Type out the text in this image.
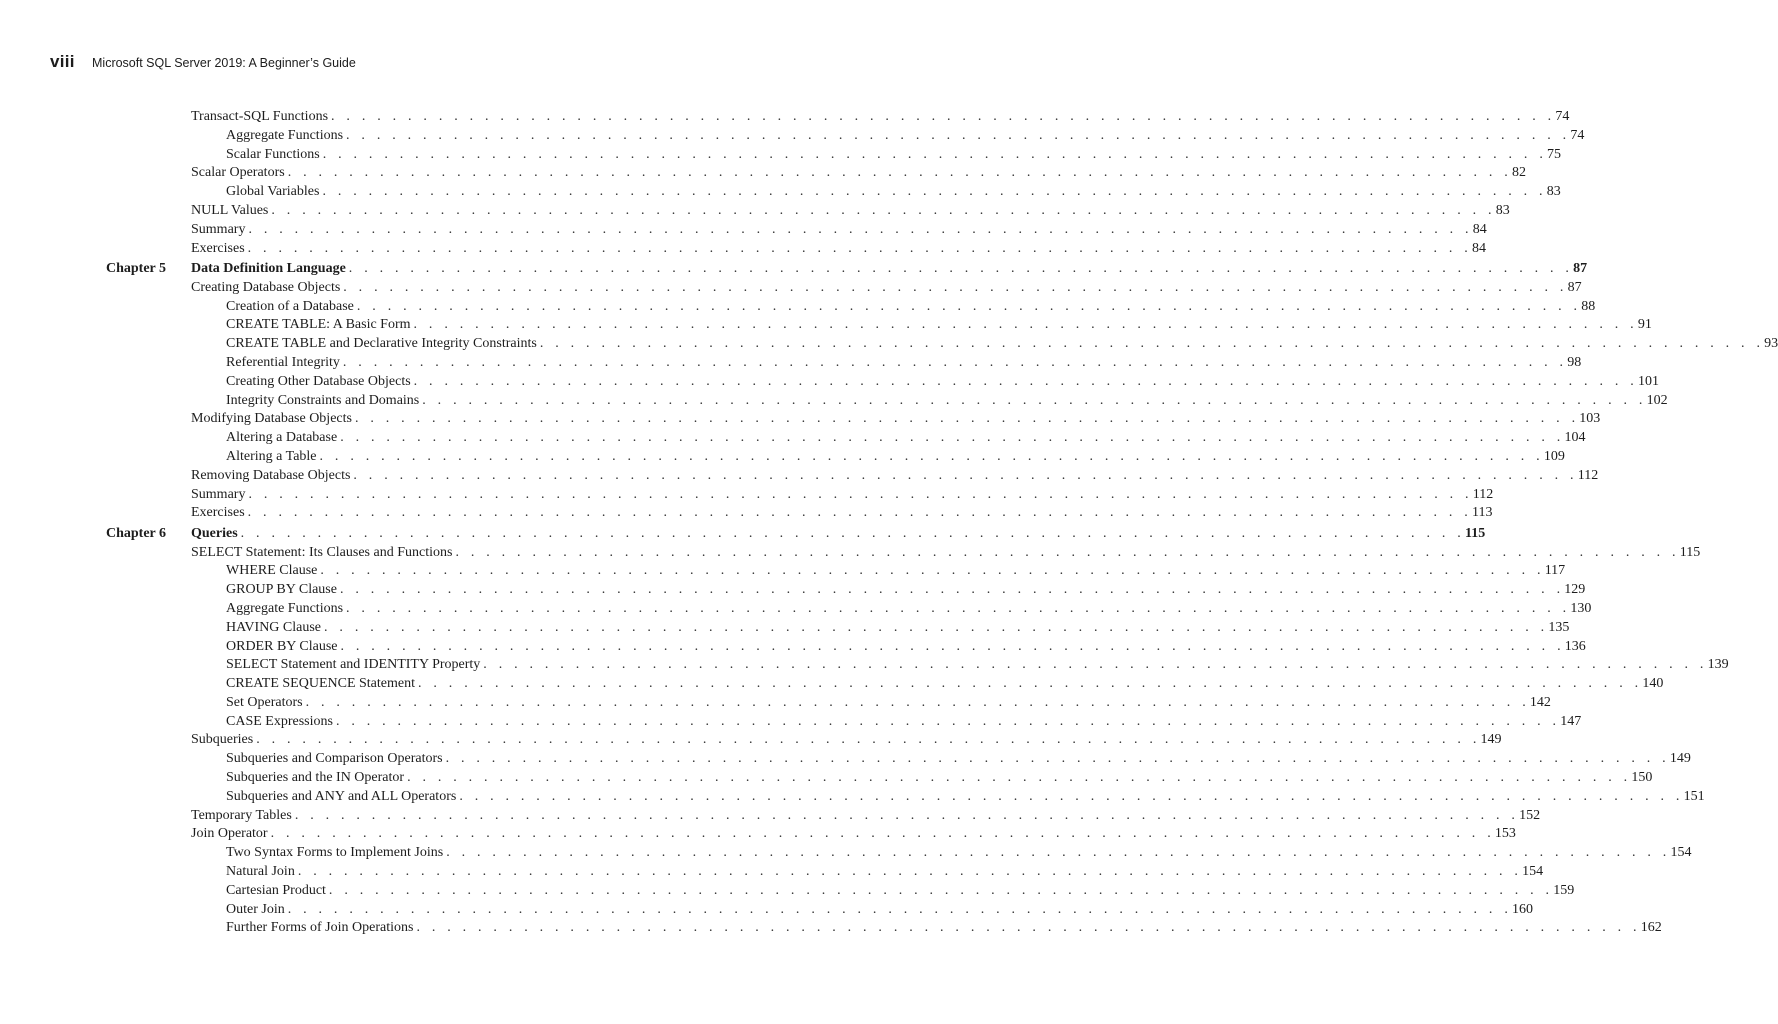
viii	Microsoft SQL Server 2019: A Beginner’s Guide
Transact-SQL Functions . . . . . . . . . . . . . . . . . . . . . . . . . . . . . . . . . . . . . . . . . . . . . . . . . . . . . . . . . . . . . . . . . . . . . . . . . . . . . . . . 74
Aggregate Functions . . . . . . . . . . . . . . . . . . . . . . . . . . . . . . . . . . . . . . . . . . . . . . . . . . . . . . . . . . . . . . . . . . . . . . . . . . . . . . . . 74
Scalar Functions . . . . . . . . . . . . . . . . . . . . . . . . . . . . . . . . . . . . . . . . . . . . . . . . . . . . . . . . . . . . . . . . . . . . . . . . . . . . . . . . 75
Scalar Operators . . . . . . . . . . . . . . . . . . . . . . . . . . . . . . . . . . . . . . . . . . . . . . . . . . . . . . . . . . . . . . . . . . . . . . . . . . . . . . . . 82
Global Variables . . . . . . . . . . . . . . . . . . . . . . . . . . . . . . . . . . . . . . . . . . . . . . . . . . . . . . . . . . . . . . . . . . . . . . . . . . . . . . . . 83
NULL Values . . . . . . . . . . . . . . . . . . . . . . . . . . . . . . . . . . . . . . . . . . . . . . . . . . . . . . . . . . . . . . . . . . . . . . . . . . . . . . . . 83
Summary . . . . . . . . . . . . . . . . . . . . . . . . . . . . . . . . . . . . . . . . . . . . . . . . . . . . . . . . . . . . . . . . . . . . . . . . . . . . . . . . 84
Exercises . . . . . . . . . . . . . . . . . . . . . . . . . . . . . . . . . . . . . . . . . . . . . . . . . . . . . . . . . . . . . . . . . . . . . . . . . . . . . . . . 84
Chapter 5 Data Definition Language . . . . . . . . . . . . . . . . . . . . . . . . . . . . . . . . . . . . . . . . . . . . . . . . . . . . . . . . . . . . . . . . . . . . . . . . . . . . . . . . 87
Creating Database Objects . . . . . . . . . . . . . . . . . . . . . . . . . . . . . . . . . . . . . . . . . . . . . . . . . . . . . . . . . . . . . . . . . . . . . . . . . . . . . . . . 87
Creation of a Database . . . . . . . . . . . . . . . . . . . . . . . . . . . . . . . . . . . . . . . . . . . . . . . . . . . . . . . . . . . . . . . . . . . . . . . . . . . . . . . . 88
CREATE TABLE: A Basic Form . . . . . . . . . . . . . . . . . . . . . . . . . . . . . . . . . . . . . . . . . . . . . . . . . . . . . . . . . . . . . . . . . . . . . . . . . . . . . . . . 91
CREATE TABLE and Declarative Integrity Constraints . . . . . . . . . . . . . . . . . . . . . . . . . . . . . . . . . . . . . . . . . . . . . . . . . . . . . . . . . . . . . . . . . . . . . . . . . . . . . . . . 93
Referential Integrity . . . . . . . . . . . . . . . . . . . . . . . . . . . . . . . . . . . . . . . . . . . . . . . . . . . . . . . . . . . . . . . . . . . . . . . . . . . . . . . . 98
Creating Other Database Objects . . . . . . . . . . . . . . . . . . . . . . . . . . . . . . . . . . . . . . . . . . . . . . . . . . . . . . . . . . . . . . . . . . . . . . . . . . . . . . . . 101
Integrity Constraints and Domains . . . . . . . . . . . . . . . . . . . . . . . . . . . . . . . . . . . . . . . . . . . . . . . . . . . . . . . . . . . . . . . . . . . . . . . . . . . . . . . . 102
Modifying Database Objects . . . . . . . . . . . . . . . . . . . . . . . . . . . . . . . . . . . . . . . . . . . . . . . . . . . . . . . . . . . . . . . . . . . . . . . . . . . . . . . . 103
Altering a Database . . . . . . . . . . . . . . . . . . . . . . . . . . . . . . . . . . . . . . . . . . . . . . . . . . . . . . . . . . . . . . . . . . . . . . . . . . . . . . . . 104
Altering a Table . . . . . . . . . . . . . . . . . . . . . . . . . . . . . . . . . . . . . . . . . . . . . . . . . . . . . . . . . . . . . . . . . . . . . . . . . . . . . . . . 109
Removing Database Objects . . . . . . . . . . . . . . . . . . . . . . . . . . . . . . . . . . . . . . . . . . . . . . . . . . . . . . . . . . . . . . . . . . . . . . . . . . . . . . . . 112
Summary . . . . . . . . . . . . . . . . . . . . . . . . . . . . . . . . . . . . . . . . . . . . . . . . . . . . . . . . . . . . . . . . . . . . . . . . . . . . . . . . 112
Exercises . . . . . . . . . . . . . . . . . . . . . . . . . . . . . . . . . . . . . . . . . . . . . . . . . . . . . . . . . . . . . . . . . . . . . . . . . . . . . . . . 113
Chapter 6 Queries . . . . . . . . . . . . . . . . . . . . . . . . . . . . . . . . . . . . . . . . . . . . . . . . . . . . . . . . . . . . . . . . . . . . . . . . . . . . . . . . 115
SELECT Statement: Its Clauses and Functions . . . . . . . . . . . . . . . . . . . . . . . . . . . . . . . . . . . . . . . . . . . . . . . . . . . . . . . . . . . . . . . . . . . . . . . . . . . . . . . . 115
WHERE Clause . . . . . . . . . . . . . . . . . . . . . . . . . . . . . . . . . . . . . . . . . . . . . . . . . . . . . . . . . . . . . . . . . . . . . . . . . . . . . . . . 117
GROUP BY Clause . . . . . . . . . . . . . . . . . . . . . . . . . . . . . . . . . . . . . . . . . . . . . . . . . . . . . . . . . . . . . . . . . . . . . . . . . . . . . . . . 129
Aggregate Functions . . . . . . . . . . . . . . . . . . . . . . . . . . . . . . . . . . . . . . . . . . . . . . . . . . . . . . . . . . . . . . . . . . . . . . . . . . . . . . . . 130
HAVING Clause . . . . . . . . . . . . . . . . . . . . . . . . . . . . . . . . . . . . . . . . . . . . . . . . . . . . . . . . . . . . . . . . . . . . . . . . . . . . . . . . 135
ORDER BY Clause . . . . . . . . . . . . . . . . . . . . . . . . . . . . . . . . . . . . . . . . . . . . . . . . . . . . . . . . . . . . . . . . . . . . . . . . . . . . . . . . 136
SELECT Statement and IDENTITY Property . . . . . . . . . . . . . . . . . . . . . . . . . . . . . . . . . . . . . . . . . . . . . . . . . . . . . . . . . . . . . . . . . . . . . . . . . . . . . . . . 139
CREATE SEQUENCE Statement . . . . . . . . . . . . . . . . . . . . . . . . . . . . . . . . . . . . . . . . . . . . . . . . . . . . . . . . . . . . . . . . . . . . . . . . . . . . . . . . 140
Set Operators . . . . . . . . . . . . . . . . . . . . . . . . . . . . . . . . . . . . . . . . . . . . . . . . . . . . . . . . . . . . . . . . . . . . . . . . . . . . . . . . 142
CASE Expressions . . . . . . . . . . . . . . . . . . . . . . . . . . . . . . . . . . . . . . . . . . . . . . . . . . . . . . . . . . . . . . . . . . . . . . . . . . . . . . . . 147
Subqueries . . . . . . . . . . . . . . . . . . . . . . . . . . . . . . . . . . . . . . . . . . . . . . . . . . . . . . . . . . . . . . . . . . . . . . . . . . . . . . . . 149
Subqueries and Comparison Operators . . . . . . . . . . . . . . . . . . . . . . . . . . . . . . . . . . . . . . . . . . . . . . . . . . . . . . . . . . . . . . . . . . . . . . . . . . . . . . . . 149
Subqueries and the IN Operator . . . . . . . . . . . . . . . . . . . . . . . . . . . . . . . . . . . . . . . . . . . . . . . . . . . . . . . . . . . . . . . . . . . . . . . . . . . . . . . . 150
Subqueries and ANY and ALL Operators . . . . . . . . . . . . . . . . . . . . . . . . . . . . . . . . . . . . . . . . . . . . . . . . . . . . . . . . . . . . . . . . . . . . . . . . . . . . . . . . 151
Temporary Tables . . . . . . . . . . . . . . . . . . . . . . . . . . . . . . . . . . . . . . . . . . . . . . . . . . . . . . . . . . . . . . . . . . . . . . . . . . . . . . . . 152
Join Operator . . . . . . . . . . . . . . . . . . . . . . . . . . . . . . . . . . . . . . . . . . . . . . . . . . . . . . . . . . . . . . . . . . . . . . . . . . . . . . . . 153
Two Syntax Forms to Implement Joins . . . . . . . . . . . . . . . . . . . . . . . . . . . . . . . . . . . . . . . . . . . . . . . . . . . . . . . . . . . . . . . . . . . . . . . . . . . . . . . . 154
Natural Join . . . . . . . . . . . . . . . . . . . . . . . . . . . . . . . . . . . . . . . . . . . . . . . . . . . . . . . . . . . . . . . . . . . . . . . . . . . . . . . . 154
Cartesian Product . . . . . . . . . . . . . . . . . . . . . . . . . . . . . . . . . . . . . . . . . . . . . . . . . . . . . . . . . . . . . . . . . . . . . . . . . . . . . . . . 159
Outer Join . . . . . . . . . . . . . . . . . . . . . . . . . . . . . . . . . . . . . . . . . . . . . . . . . . . . . . . . . . . . . . . . . . . . . . . . . . . . . . . . 160
Further Forms of Join Operations . . . . . . . . . . . . . . . . . . . . . . . . . . . . . . . . . . . . . . . . . . . . . . . . . . . . . . . . . . . . . . . . . . . . . . . . . . . . . . . . 162
